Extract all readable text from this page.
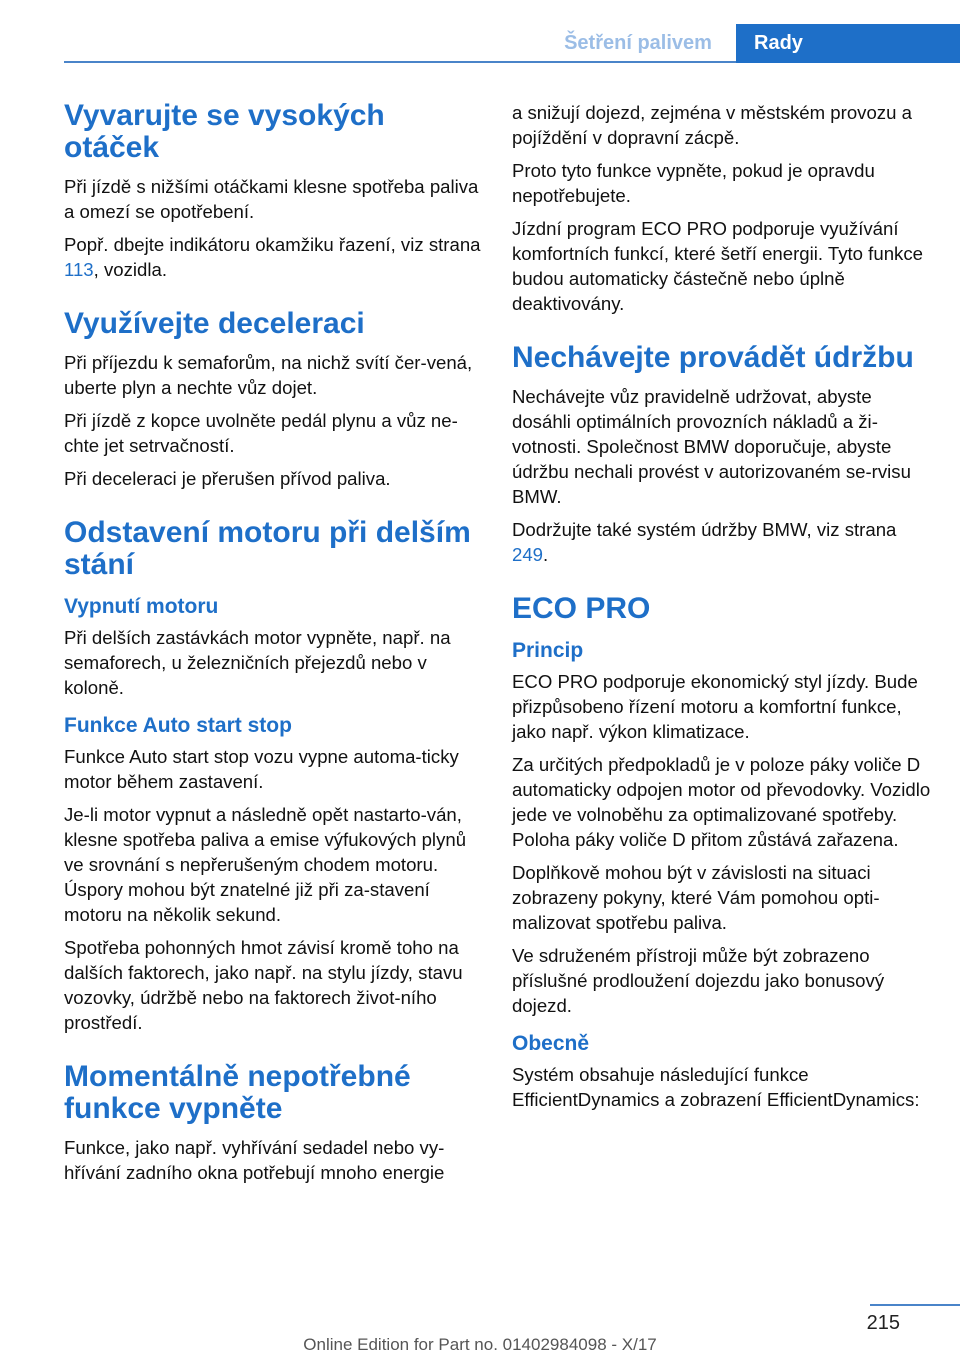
Šetření palivem	Rady
Vyvarujte se vysokých otáček

Při jízdě s nižšími otáčkami klesne spotřeba paliva a omezí se opotřebení.

Popř. dbejte indikátoru okamžiku řazení, viz strana 113, vozidla.

Využívejte deceleraci

Při příjezdu k semaforům, na nichž svítí čer‐vená, uberte plyn a nechte vůz dojet.

Při jízdě z kopce uvolněte pedál plynu a vůz ne‐chte jet setrvačností.

Při deceleraci je přerušen přívod paliva.

Odstavení motoru při delším stání
Vypnutí motoru

Při delších zastávkách motor vypněte, např. na semaforech, u železničních přejezdů nebo v koloně.

Funkce Auto start stop

Funkce Auto start stop vozu vypne automa‐ticky motor během zastavení.

Je-li motor vypnut a následně opět nastarto‐ván, klesne spotřeba paliva a emise výfukových plynů ve srovnání s nepřerušeným chodem motoru. Úspory mohou být znatelné již při za‐stavení motoru na několik sekund.

Spotřeba pohonných hmot závisí kromě toho na dalších faktorech, jako např. na stylu jízdy, stavu vozovky, údržbě nebo na faktorech život‐ního prostředí.

Momentálně nepotřebné funkce vypněte

Funkce, jako např. vyhřívání sedadel nebo vy‐hřívání zadního okna potřebují mnoho energie

a snižují dojezd, zejména v městském provozu a pojíždění v dopravní zácpě.

Proto tyto funkce vypněte, pokud je opravdu nepotřebujete.

Jízdní program ECO PRO podporuje využívání komfortních funkcí, které šetří energii. Tyto funkce budou automaticky částečně nebo úplně deaktivovány.

Nechávejte provádět údržbu

Nechávejte vůz pravidelně udržovat, abyste dosáhli optimálních provozních nákladů a ži‐votnosti. Společnost BMW doporučuje, abyste údržbu nechali provést v autorizovaném se‐rvisu BMW.

Dodržujte také systém údržby BMW, viz strana 249.

ECO PRO
Princip

ECO PRO podporuje ekonomický styl jízdy. Bude přizpůsobeno řízení motoru a komfortní funkce, jako např. výkon klimatizace.

Za určitých předpokladů je v poloze páky voliče D automaticky odpojen motor od převodovky. Vozidlo jede ve volnoběhu za optimalizované spotřeby. Poloha páky voliče D přitom zůstává zařazena.

Doplňkově mohou být v závislosti na situaci zobrazeny pokyny, které Vám pomohou opti‐malizovat spotřebu paliva.

Ve sdruženém přístroji může být zobrazeno příslušné prodloužení dojezdu jako bonusový dojezd.

Obecně

Systém obsahuje následující funkce EfficientDynamics a zobrazení EfficientDynamics:

215
Online Edition for Part no. 01402984098 - X/17
